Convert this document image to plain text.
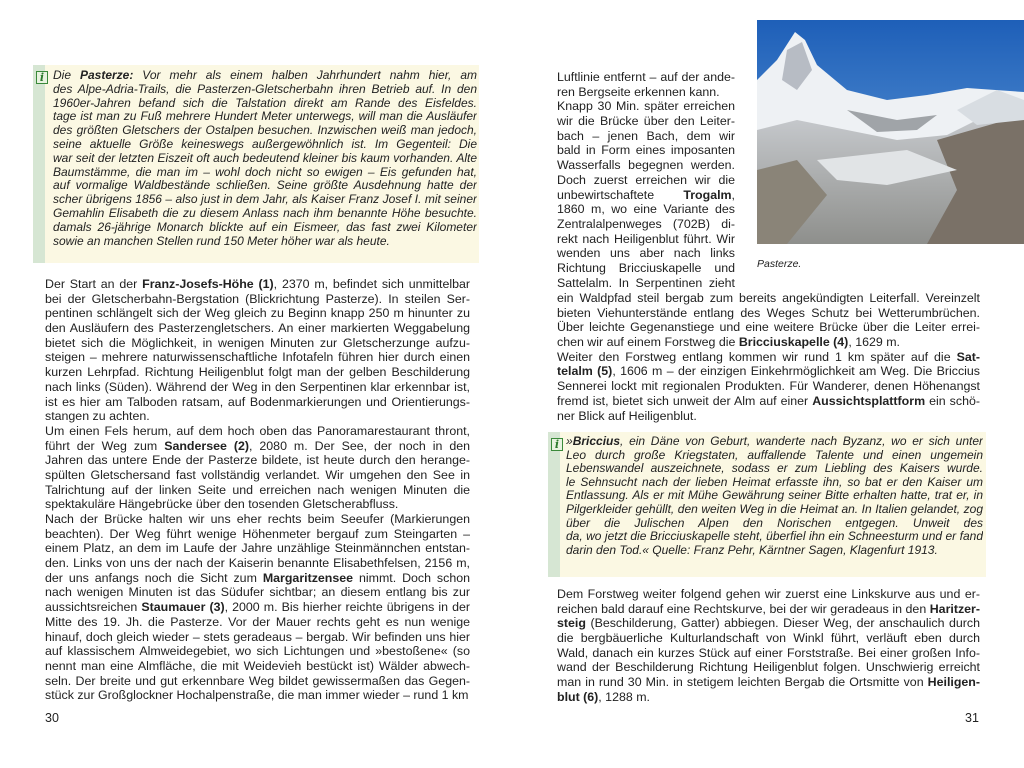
i Die Pasterze: Vor mehr als einem halben Jahrhundert nahm hier, am
des Alpe-Adria-Trails, die Pasterzen-Gletscherbahn ihren Betrieb auf. In den
1960er-Jahren befand sich die Talstation direkt am Rande des Eisfeldes.
tage ist man zu Fuß mehrere Hundert Meter unterwegs, will man die Ausläufer
des größten Gletschers der Ostalpen besuchen. Inzwischen weiß man jedoch,
seine aktuelle Größe keineswegs außergewöhnlich ist. Im Gegenteil: Die
war seit der letzten Eiszeit oft auch bedeutend kleiner bis kaum vorhanden. Alte
Baumstämme, die man im – wohl doch nicht so ewigen – Eis gefunden hat,
auf vormalige Waldbestände schließen. Seine größte Ausdehnung hatte der
scher übrigens 1856 – also just in dem Jahr, als Kaiser Franz Josef I. mit seiner
Gemahlin Elisabeth die zu diesem Anlass nach ihm benannte Höhe besuchte.
damals 26-jährige Monarch blickte auf ein Eismeer, das fast zwei Kilometer
sowie an manchen Stellen rund 150 Meter höher war als heute.
Der Start an der Franz-Josefs-Höhe (1), 2370 m, befindet sich unmittelbar
bei der Gletscherbahn-Bergstation (Blickrichtung Pasterze). In steilen Ser-
pentinen schlängelt sich der Weg gleich zu Beginn knapp 250 m hinunter zu
den Ausläufern des Pasterzengletschers. An einer markierten Weggabelung
bietet sich die Möglichkeit, in wenigen Minuten zur Gletscherzunge aufzu-
steigen – mehrere naturwissenschaftliche Infotafeln führen hier durch einen
kurzen Lehrpfad. Richtung Heiligenblut folgt man der gelben Beschilderung
nach links (Süden). Während der Weg in den Serpentinen klar erkennbar ist,
ist es hier am Talboden ratsam, auf Bodenmarkierungen und Orientierungs-
stangen zu achten.
Um einen Fels herum, auf dem hoch oben das Panoramarestaurant thront,
führt der Weg zum Sandersee (2), 2080 m. Der See, der noch in den
Jahren das untere Ende der Pasterze bildete, ist heute durch den herange-
spülten Gletschersand fast vollständig verlandet. Wir umgehen den See in
Talrichtung auf der linken Seite und erreichen nach wenigen Minuten die
spektakuläre Hängebrücke über den tosenden Gletscherabfluss.
Nach der Brücke halten wir uns eher rechts beim Seeufer (Markierungen
beachten). Der Weg führt wenige Höhenmeter bergauf zum Steingarten –
einem Platz, an dem im Laufe der Jahre unzählige Steinmännchen entstan-
den. Links von uns der nach der Kaiserin benannte Elisabethfelsen, 2156 m,
der uns anfangs noch die Sicht zum Margaritzensee nimmt. Doch schon
nach wenigen Minuten ist das Südufer sichtbar; an diesem entlang bis zur
aussichtsreichen Staumauer (3), 2000 m. Bis hierher reichte übrigens in der
Mitte des 19. Jh. die Pasterze. Vor der Mauer rechts geht es nun wenige
hinauf, doch gleich wieder – stets geradeaus – bergab. Wir befinden uns hier
auf klassischem Almweidegebiet, wo sich Lichtungen und »bestoßene« (so
nennt man eine Almfläche, die mit Weidevieh bestückt ist) Wälder abwech-
seln. Der breite und gut erkennbare Weg bildet gewissermaßen das Gegen-
stück zur Großglockner Hochalpenstraße, die man immer wieder – rund 1 km
30
Luftlinie entfernt – auf der ande-
ren Bergseite erkennen kann.
Knapp 30 Min. später erreichen
wir die Brücke über den Leiter-
bach – jenen Bach, dem wir
bald in Form eines imposanten
Wasserfalls begegnen werden.
Doch zuerst erreichen wir die
unbewirtschaftete Trogalm,
1860 m, wo eine Variante des
Zentralalpenweges (702B) di-
rekt nach Heiligenblut führt. Wir
wenden uns aber nach links
Richtung Bricciuskapelle und
Sattelalm. In Serpentinen zieht
Pasterze.
ein Waldpfad steil bergab zum bereits angekündigten Leiterfall. Vereinzelt
bieten Viehunterstände entlang des Weges Schutz bei Wetterumbrüchen.
Über leichte Gegenanstiege und eine weitere Brücke über die Leiter errei-
chen wir auf einem Forstweg die Bricciuskapelle (4), 1629 m.
Weiter den Forstweg entlang kommen wir rund 1 km später auf die Sat-
telalm (5), 1606 m – der einzigen Einkehrmöglichkeit am Weg. Die Briccius
Sennerei lockt mit regionalen Produkten. Für Wanderer, denen Höhenangst
fremd ist, bietet sich unweit der Alm auf einer Aussichtsplattform ein schö-
ner Blick auf Heiligenblut.
i »Briccius, ein Däne von Geburt, wanderte nach Byzanz, wo er sich unter
Leo durch große Kriegstaten, auffallende Talente und einen ungemein
Lebenswandel auszeichnete, sodass er zum Liebling des Kaisers wurde.
le Sehnsucht nach der lieben Heimat erfasste ihn, so bat er den Kaiser um
Entlassung. Als er mit Mühe Gewährung seiner Bitte erhalten hatte, trat er, in
Pilgerkleider gehüllt, den weiten Weg in die Heimat an. In Italien gelandet, zog
über die Julischen Alpen den Norischen entgegen. Unweit des
da, wo jetzt die Bricciuskapelle steht, überfiel ihn ein Schneesturm und er fand
darin den Tod.« Quelle: Franz Pehr, Kärntner Sagen, Klagenfurt 1913.
Dem Forstweg weiter folgend gehen wir zuerst eine Linkskurve aus und er-
reichen bald darauf eine Rechtskurve, bei der wir geradeaus in den Haritzer-
steig (Beschilderung, Gatter) abbiegen. Dieser Weg, der anschaulich durch
die bergbäuerliche Kulturlandschaft von Winkl führt, verläuft eben durch
Wald, danach ein kurzes Stück auf einer Forststraße. Bei einer großen Info-
wand der Beschilderung Richtung Heiligenblut folgen. Unschwierig erreicht
man in rund 30 Min. in stetigem leichten Bergab die Ortsmitte von Heiligen-
blut (6), 1288 m.
31
